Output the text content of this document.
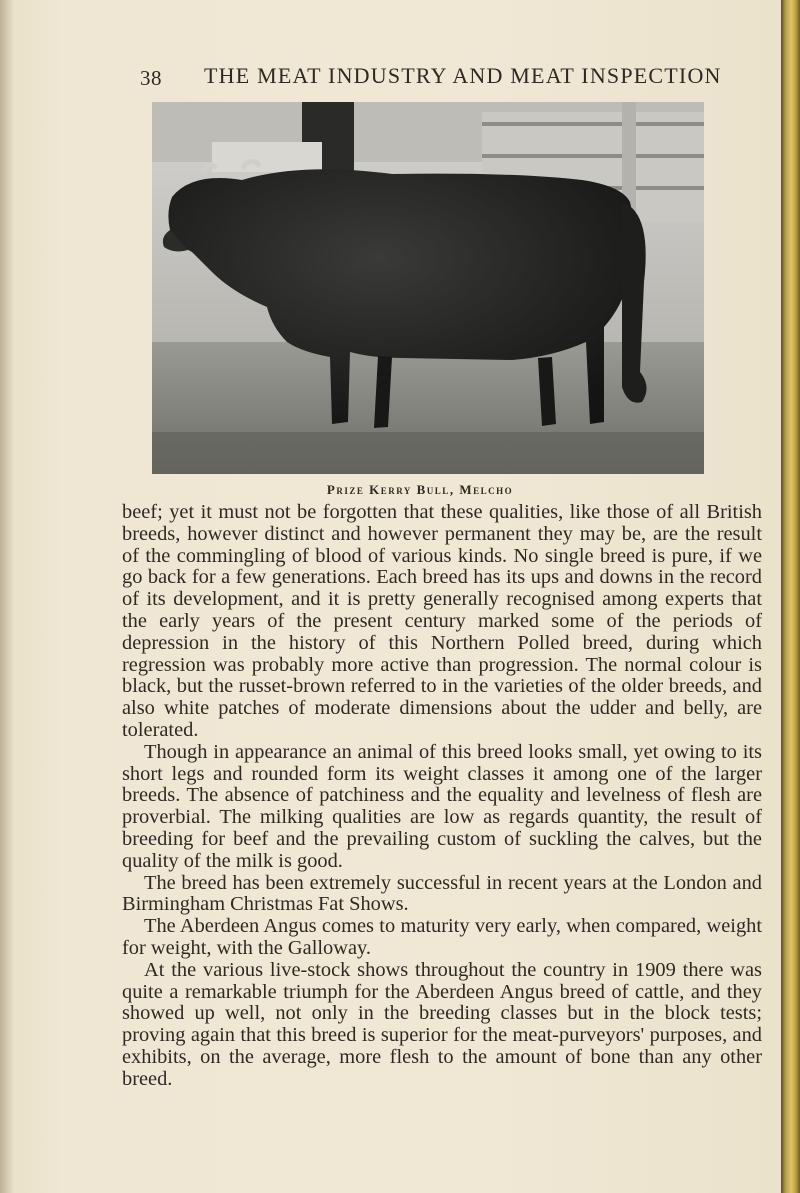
38 THE MEAT INDUSTRY AND MEAT INSPECTION
Prize Kerry Bull, Melcho

beef; yet it must not be forgotten that these qualities, like those of all British breeds, however distinct and however permanent they may be, are the result of the commingling of blood of various kinds. No single breed is pure, if we go back for a few generations. Each breed has its ups and downs in the record of its development, and it is pretty generally recognised among experts that the early years of the present century marked some of the periods of depression in the history of this Northern Polled breed, during which regression was probably more active than progression. The normal colour is black, but the russet-brown referred to in the varieties of the older breeds, and also white patches of moderate dimensions about the udder and belly, are tolerated.

Though in appearance an animal of this breed looks small, yet owing to its short legs and rounded form its weight classes it among one of the larger breeds. The absence of patchiness and the equality and levelness of flesh are proverbial. The milking qualities are low as regards quantity, the result of breeding for beef and the prevailing custom of suckling the calves, but the quality of the milk is good.

The breed has been extremely successful in recent years at the London and Birmingham Christmas Fat Shows.

The Aberdeen Angus comes to maturity very early, when compared, weight for weight, with the Galloway.

At the various live-stock shows throughout the country in 1909 there was quite a remarkable triumph for the Aberdeen Angus breed of cattle, and they showed up well, not only in the breeding classes but in the block tests; proving again that this breed is superior for the meat-purveyors' purposes, and exhibits, on the average, more flesh to the amount of bone than any other breed.
